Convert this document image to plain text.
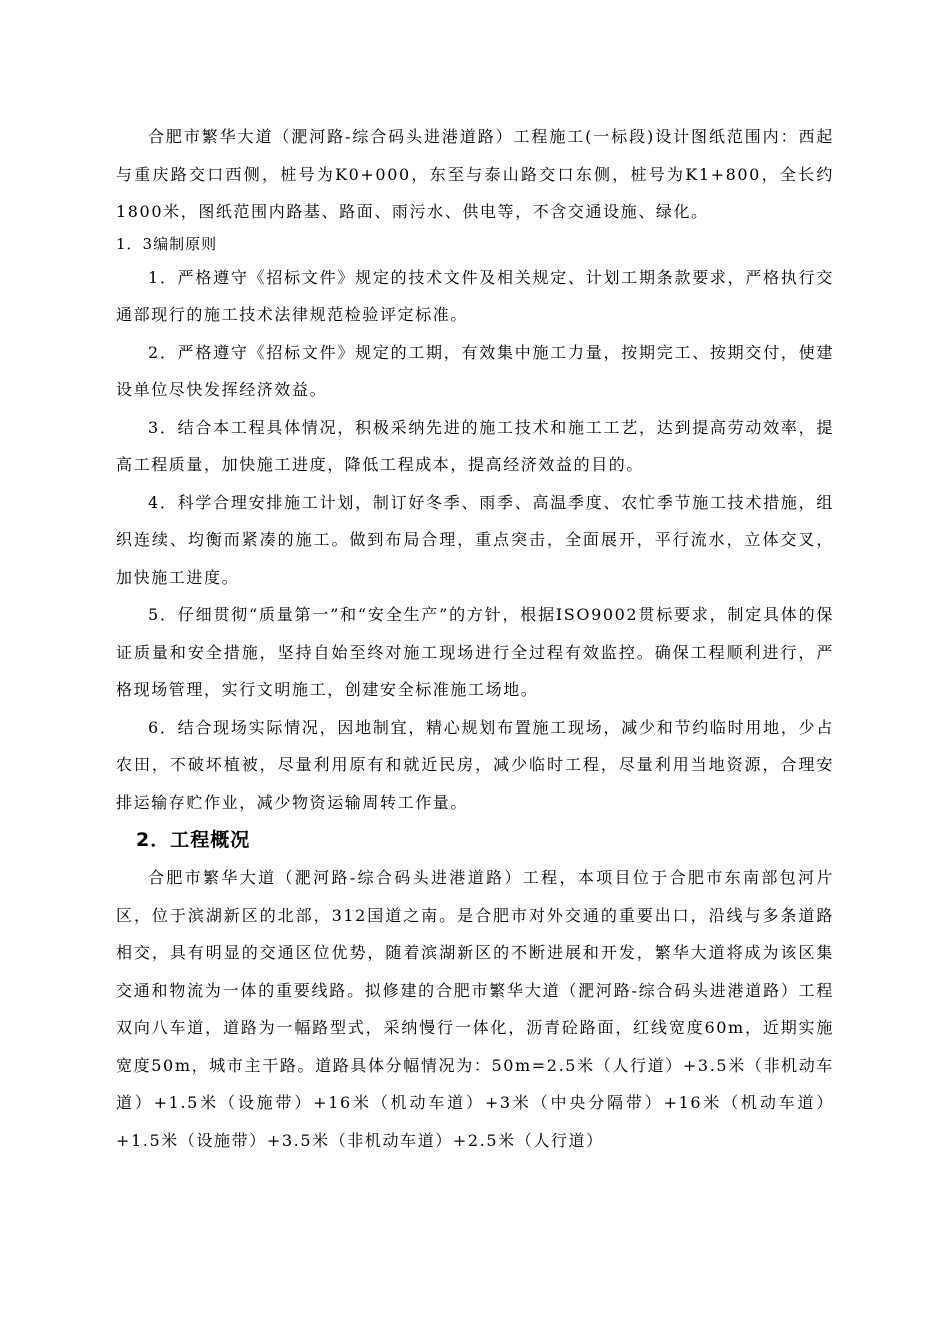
合肥市繁华大道（淝河路-综合码头进港道路）工程施工(一标段)设计图纸范围内：西起与重庆路交口西侧，桩号为K0+000，东至与泰山路交口东侧，桩号为K1+800，全长约1800米，图纸范围内路基、路面、雨污水、供电等，不含交通设施、绿化。

1．3编制原则

1．严格遵守《招标文件》规定的技术文件及相关规定、计划工期条款要求，严格执行交通部现行的施工技术法律规范检验评定标准。

2．严格遵守《招标文件》规定的工期，有效集中施工力量，按期完工、按期交付，使建设单位尽快发挥经济效益。

3．结合本工程具体情况，积极采纳先进的施工技术和施工工艺，达到提高劳动效率，提高工程质量，加快施工进度，降低工程成本，提高经济效益的目的。

4．科学合理安排施工计划，制订好冬季、雨季、高温季度、农忙季节施工技术措施，组织连续、均衡而紧凑的施工。做到布局合理，重点突击，全面展开，平行流水，立体交叉，加快施工进度。

5．仔细贯彻“质量第一”和“安全生产”的方针，根据ISO9002贯标要求，制定具体的保证质量和安全措施，坚持自始至终对施工现场进行全过程有效监控。确保工程顺利进行，严格现场管理，实行文明施工，创建安全标准施工场地。

6．结合现场实际情况，因地制宜，精心规划布置施工现场，减少和节约临时用地，少占农田，不破坏植被，尽量利用原有和就近民房，减少临时工程，尽量利用当地资源，合理安排运输存贮作业，减少物资运输周转工作量。

2．工程概况

合肥市繁华大道（淝河路-综合码头进港道路）工程，本项目位于合肥市东南部包河片区，位于滨湖新区的北部，312国道之南。是合肥市对外交通的重要出口，沿线与多条道路相交，具有明显的交通区位优势，随着滨湖新区的不断进展和开发，繁华大道将成为该区集交通和物流为一体的重要线路。拟修建的合肥市繁华大道（淝河路-综合码头进港道路）工程双向八车道，道路为一幅路型式，采纳慢行一体化，沥青砼路面，红线宽度60m，近期实施宽度50m，城市主干路。道路具体分幅情况为：50m=2.5米（人行道）+3.5米（非机动车道）+1.5米（设施带）+16米（机动车道）+3米（中央分隔带）+16米（机动车道）+1.5米（设施带）+3.5米（非机动车道）+2.5米（人行道）
